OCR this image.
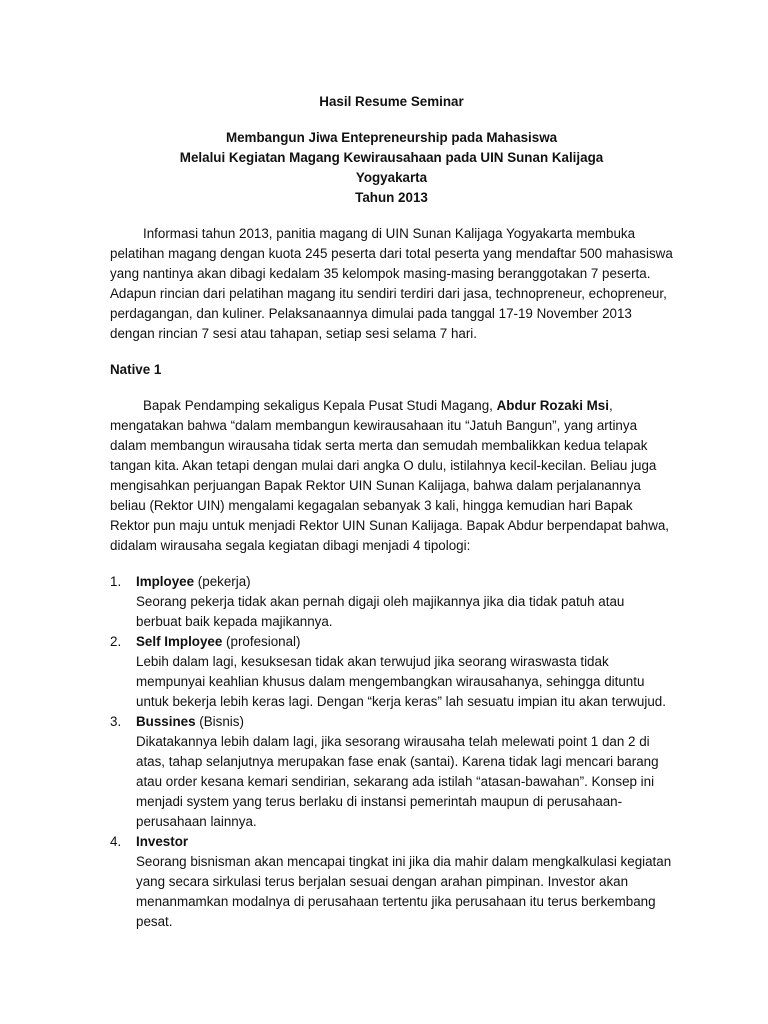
Hasil Resume Seminar
Membangun Jiwa Entepreneurship pada Mahasiswa
Melalui Kegiatan Magang Kewirausahaan pada UIN Sunan Kalijaga
Yogyakarta
Tahun 2013

Informasi tahun 2013, panitia magang di UIN Sunan Kalijaga Yogyakarta membuka pelatihan magang dengan kuota 245 peserta dari total peserta yang mendaftar 500 mahasiswa yang nantinya akan dibagi kedalam 35 kelompok masing-masing beranggotakan 7 peserta. Adapun rincian dari pelatihan magang itu sendiri terdiri dari jasa, technopreneur, echopreneur, perdagangan, dan kuliner. Pelaksanaannya dimulai pada tanggal 17-19 November 2013 dengan rincian 7 sesi atau tahapan, setiap sesi selama 7 hari.

Native 1

Bapak Pendamping sekaligus Kepala Pusat Studi Magang, Abdur Rozaki Msi, mengatakan bahwa “dalam membangun kewirausahaan itu “Jatuh Bangun”, yang artinya dalam membangun wirausaha tidak serta merta dan semudah membalikkan kedua telapak tangan kita. Akan tetapi dengan mulai dari angka O dulu, istilahnya kecil-kecilan. Beliau juga mengisahkan perjuangan Bapak Rektor UIN Sunan Kalijaga, bahwa dalam perjalanannya beliau (Rektor UIN) mengalami kegagalan sebanyak 3 kali, hingga kemudian hari Bapak Rektor pun maju untuk menjadi Rektor UIN Sunan Kalijaga. Bapak Abdur berpendapat bahwa, didalam wirausaha segala kegiatan dibagi menjadi 4 tipologi:

1. Imployee (pekerja)

Seorang pekerja tidak akan pernah digaji oleh majikannya jika dia tidak patuh atau berbuat baik kepada majikannya.

2. Self Imployee (profesional)

Lebih dalam lagi, kesuksesan tidak akan terwujud jika seorang wiraswasta tidak mempunyai keahlian khusus dalam mengembangkan wirausahanya, sehingga dituntu untuk bekerja lebih keras lagi. Dengan “kerja keras” lah sesuatu impian itu akan terwujud.

3. Bussines (Bisnis)

Dikatakannya lebih dalam lagi, jika sesorang wirausaha telah melewati point 1 dan 2 di atas, tahap selanjutnya merupakan fase enak (santai). Karena tidak lagi mencari barang atau order kesana kemari sendirian, sekarang ada istilah “atasan-bawahan”. Konsep ini menjadi system yang terus berlaku di instansi pemerintah maupun di perusahaan-perusahaan lainnya.

4. Investor

Seorang bisnisman akan mencapai tingkat ini jika dia mahir dalam mengkalkulasi kegiatan yang secara sirkulasi terus berjalan sesuai dengan arahan pimpinan. Investor akan menanmamkan modalnya di perusahaan tertentu jika perusahaan itu terus berkembang pesat.
